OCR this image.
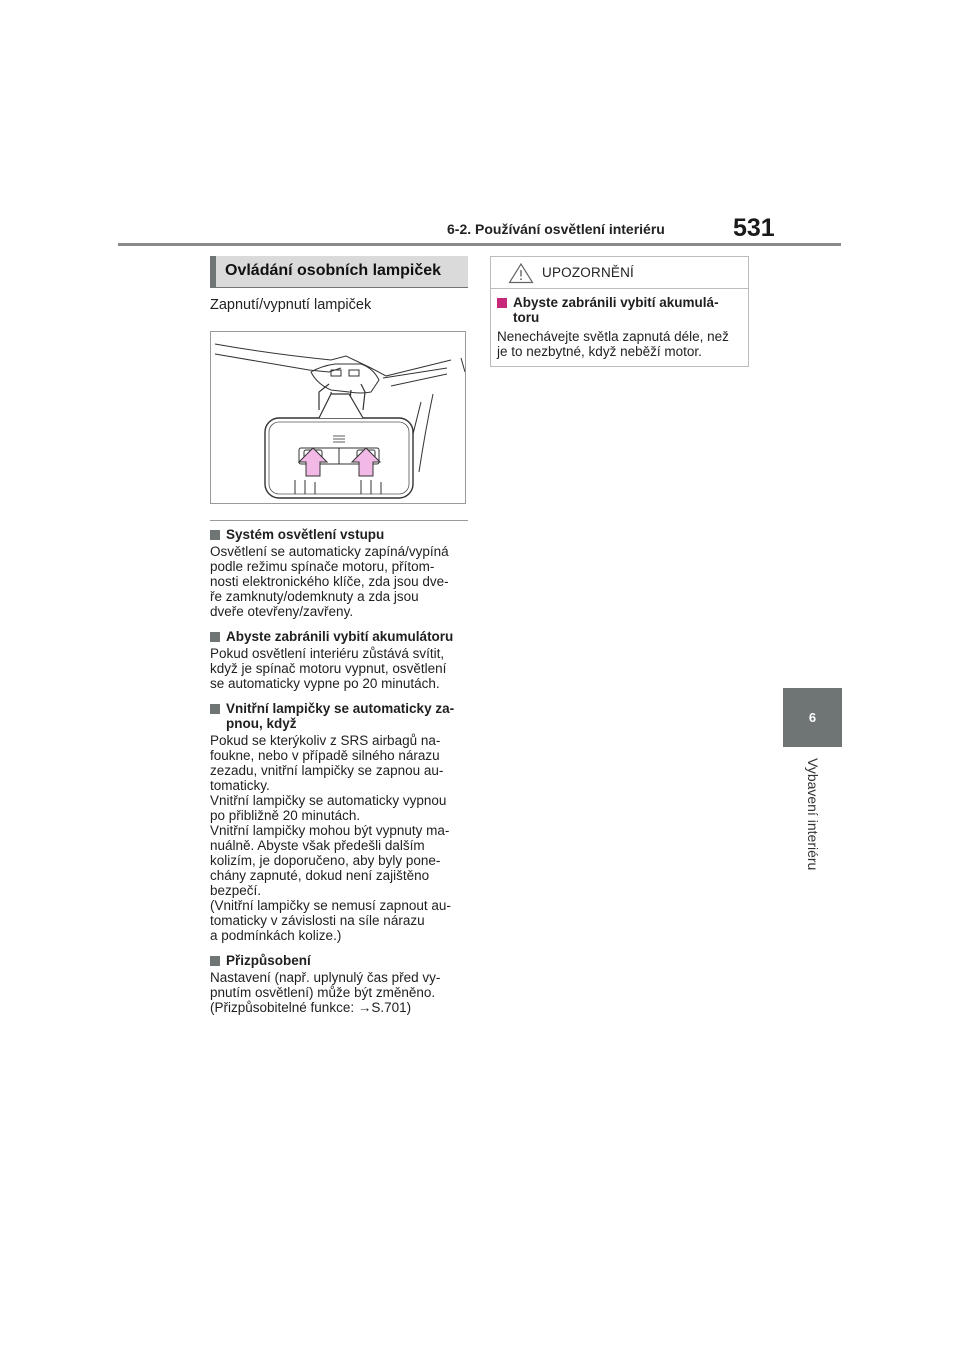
6-2. Používání osvětlení interiéru	531
6
Vybavení interiéru
Ovládání osobních lampiček
Zapnutí/vypnutí lampiček
Systém osvětlení vstupu
Osvětlení se automaticky zapíná/vypíná
podle režimu spínače motoru, přítom-
nosti elektronického klíče, zda jsou dve-
ře zamknuty/odemknuty a zda jsou
dveře otevřeny/zavřeny.
Abyste zabránili vybití akumulátoru
Pokud osvětlení interiéru zůstává svítit,
když je spínač motoru vypnut, osvětlení
se automaticky vypne po 20 minutách.
Vnitřní lampičky se automaticky za-
pnou, když
Pokud se kterýkoliv z SRS airbagů na-
foukne, nebo v případě silného nárazu
zezadu, vnitřní lampičky se zapnou au-
tomaticky.
Vnitřní lampičky se automaticky vypnou
po přibližně 20 minutách.
Vnitřní lampičky mohou být vypnuty ma-
nuálně. Abyste však předešli dalším
kolizím, je doporučeno, aby byly pone-
chány zapnuté, dokud není zajištěno
bezpečí.
(Vnitřní lampičky se nemusí zapnout au-
tomaticky v závislosti na síle nárazu
a podmínkách kolize.)
Přizpůsobení
Nastavení (např. uplynulý čas před vy-
pnutím osvětlení) může být změněno.
(Přizpůsobitelné funkce: →S.701)
UPOZORNĚNÍ
Abyste zabránili vybití akumulá-
toru
Nenechávejte světla zapnutá déle, než
je to nezbytné, když neběží motor.
